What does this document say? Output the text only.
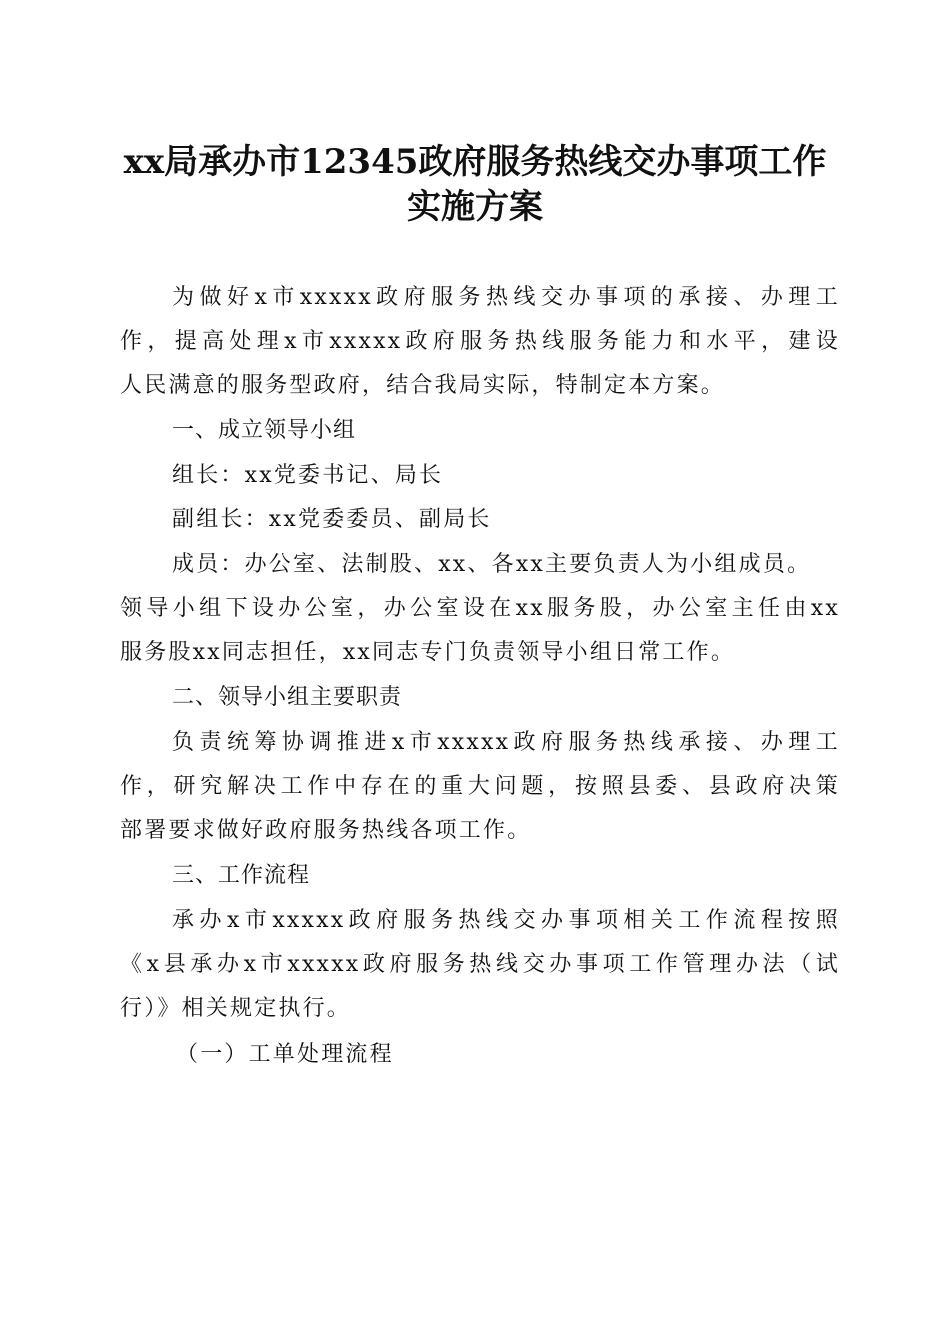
xx局承办市12345政府服务热线交办事项工作
实施方案
为做好x市xxxxx政府服务热线交办事项的承接、办理工
作，提高处理x市xxxxx政府服务热线服务能力和水平，建设
人民满意的服务型政府，结合我局实际，特制定本方案。
一、成立领导小组
组长：xx党委书记、局长
副组长：xx党委委员、副局长
成员：办公室、法制股、xx、各xx主要负责人为小组成员。
领导小组下设办公室，办公室设在xx服务股，办公室主任由xx
服务股xx同志担任，xx同志专门负责领导小组日常工作。
二、领导小组主要职责
负责统筹协调推进x市xxxxx政府服务热线承接、办理工
作，研究解决工作中存在的重大问题，按照县委、县政府决策
部署要求做好政府服务热线各项工作。
三、工作流程
承办x市xxxxx政府服务热线交办事项相关工作流程按照
《x县承办x市xxxxx政府服务热线交办事项工作管理办法（试
行）》相关规定执行。
（一）工单处理流程
